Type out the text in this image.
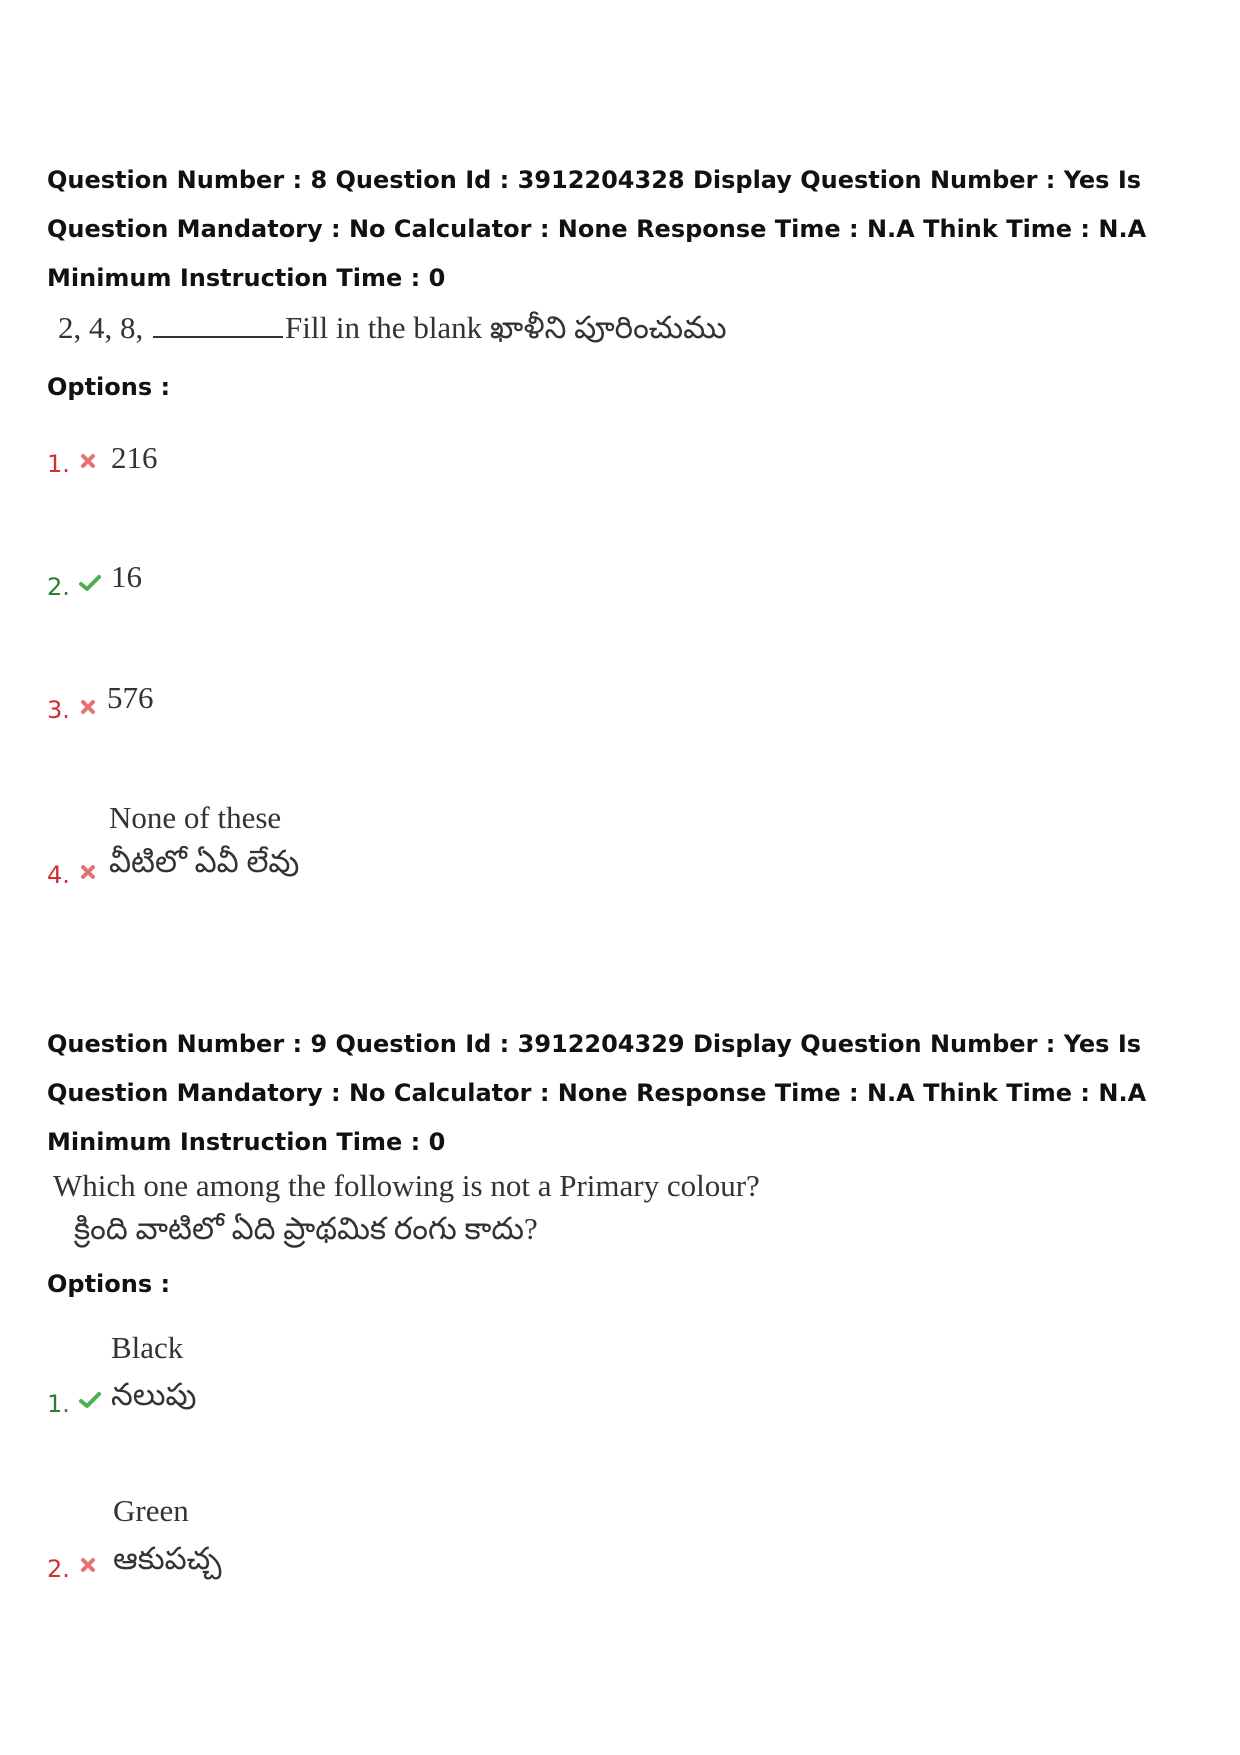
Question Number : 8 Question Id : 3912204328 Display Question Number : Yes Is Question Mandatory : No Calculator : None Response Time : N.A Think Time : N.A Minimum Instruction Time : 0
2, 4, 8,	Fill in the blank ఖాళీని పూరించుము
Options :
1. 216
2. 16
3. 576
4.
None of these
వీటిలో ఏవీ లేవు
Question Number : 9 Question Id : 3912204329 Display Question Number : Yes Is Question Mandatory : No Calculator : None Response Time : N.A Think Time : N.A Minimum Instruction Time : 0
Which one among the following is not a Primary colour?
క్రింది వాటిలో ఏది ప్రాథమిక రంగు కాదు?
Options :
1.
Black
నలుపు
2.
Green
ఆకుపచ్చ
